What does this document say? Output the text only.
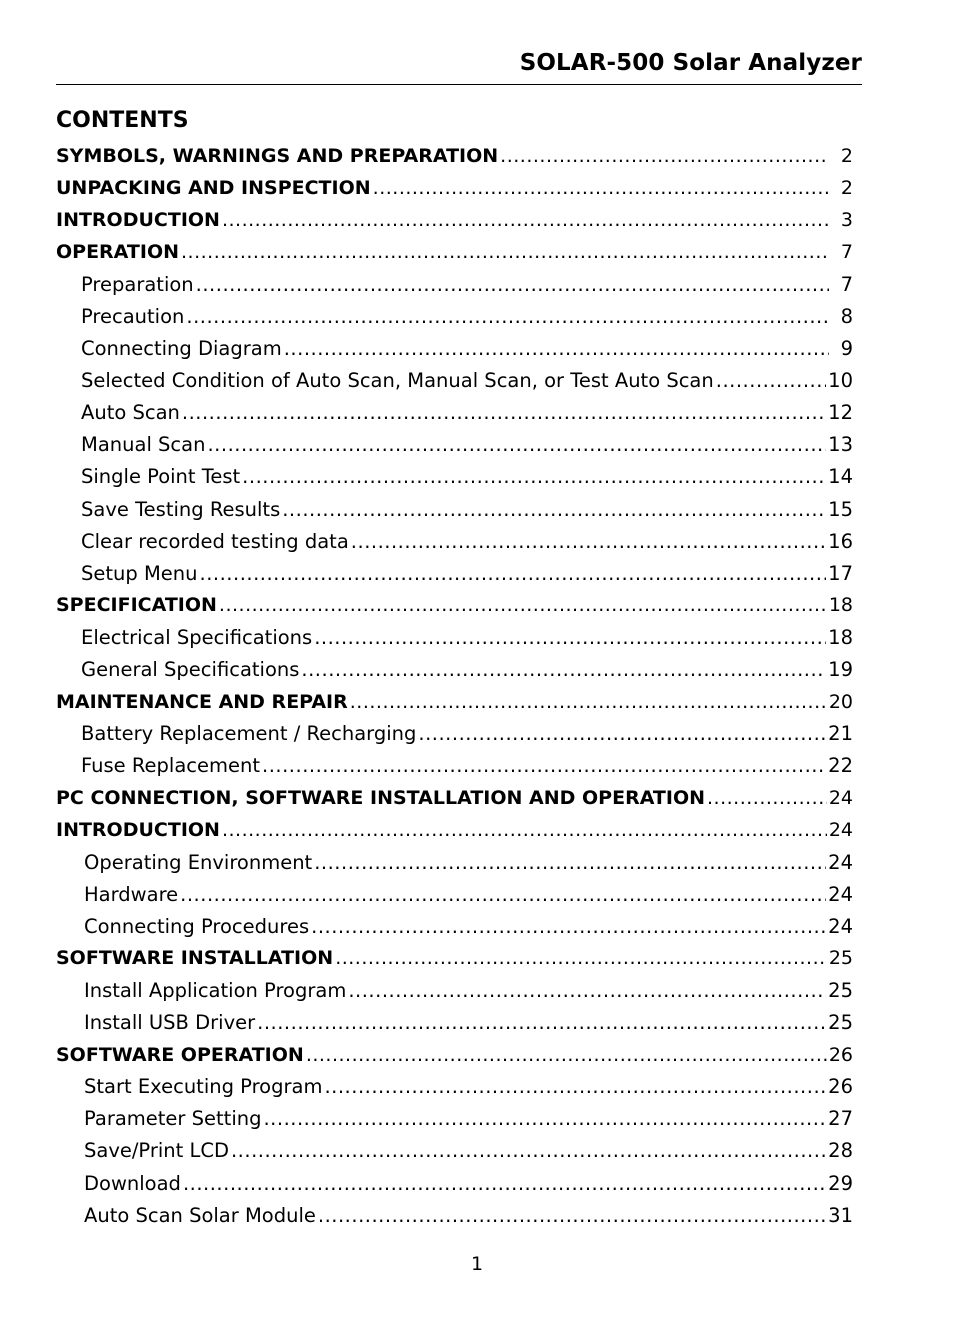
SOLAR-500 Solar Analyzer
CONTENTS
SYMBOLS, WARNINGS AND PREPARATION .....	2
UNPACKING AND INSPECTION .....	2
INTRODUCTION .....	3
OPERATION .....	7
Preparation .....	7
Precaution .....	8
Connecting Diagram .....	9
Selected Condition of Auto Scan, Manual Scan, or Test Auto Scan .....	10
Auto Scan .....	12
Manual Scan .....	13
Single Point Test .....	14
Save Testing Results .....	15
Clear recorded testing data .....	16
Setup Menu .....	17
SPECIFICATION .....	18
Electrical Specifications .....	18
General Specifications .....	19
MAINTENANCE AND REPAIR .....	20
Battery Replacement / Recharging .....	21
Fuse Replacement .....	22
PC CONNECTION, SOFTWARE INSTALLATION AND OPERATION .....	24
INTRODUCTION .....	24
Operating Environment .....	24
Hardware .....	24
Connecting Procedures .....	24
SOFTWARE INSTALLATION .....	25
Install Application Program .....	25
Install USB Driver .....	25
SOFTWARE OPERATION .....	26
Start Executing Program .....	26
Parameter Setting .....	27
Save/Print LCD .....	28
Download .....	29
Auto Scan Solar Module .....	31
1
